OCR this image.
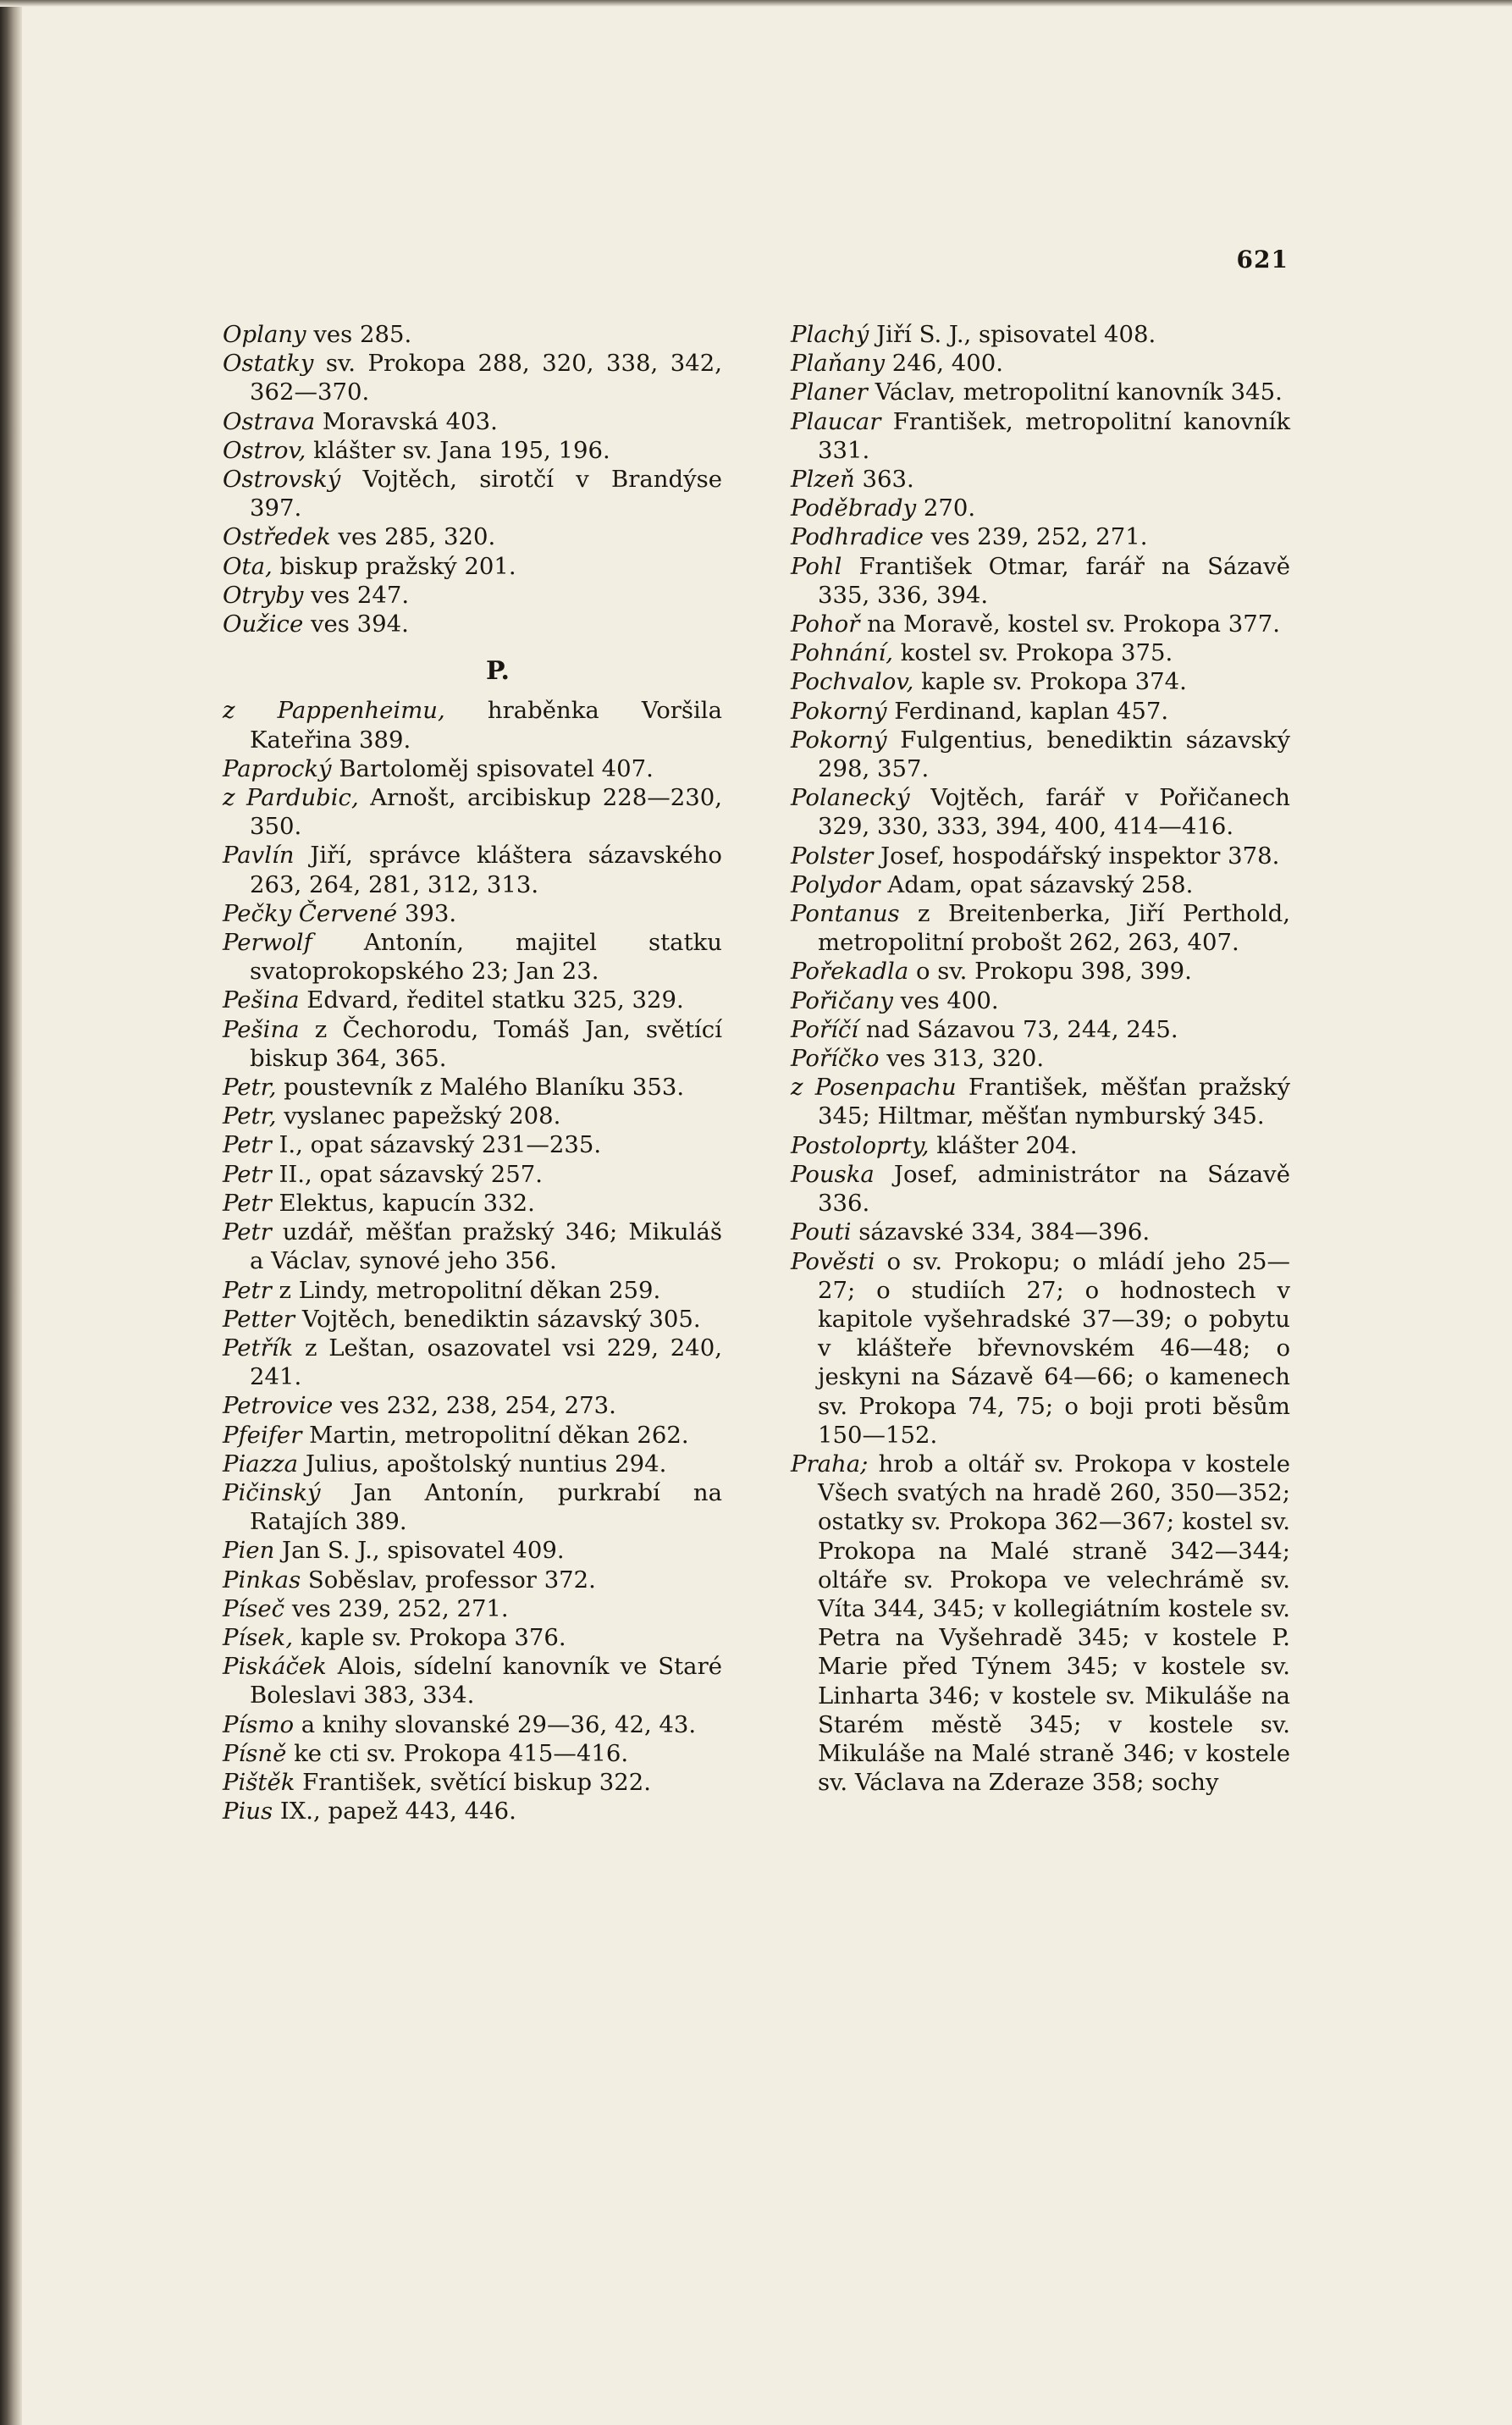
621

Oplany ves 285.

Ostatky sv. Prokopa 288, 320, 338, 342, 362—370.

Ostrava Moravská 403.

Ostrov, klášter sv. Jana 195, 196.

Ostrovský Vojtěch, sirotčí v Brandýse 397.

Ostředek ves 285, 320.

Ota, biskup pražský 201.

Otryby ves 247.

Oužice ves 394.

P.

z Pappenheimu, hraběnka Voršila Kateřina 389.

Paprocký Bartoloměj spisovatel 407.

z Pardubic, Arnošt, arcibiskup 228—230, 350.

Pavlín Jiří, správce kláštera sázavského 263, 264, 281, 312, 313.

Pečky Červené 393.

Perwolf Antonín, majitel statku svatoprokopského 23; Jan 23.

Pešina Edvard, ředitel statku 325, 329.

Pešina z Čechorodu, Tomáš Jan, světící biskup 364, 365.

Petr, poustevník z Malého Blaníku 353.

Petr, vyslanec papežský 208.

Petr I., opat sázavský 231—235.

Petr II., opat sázavský 257.

Petr Elektus, kapucín 332.

Petr uzdář, měšťan pražský 346; Mikuláš a Václav, synové jeho 356.

Petr z Lindy, metropolitní děkan 259.

Petter Vojtěch, benediktin sázavský 305.

Petřík z Leštan, osazovatel vsi 229, 240, 241.

Petrovice ves 232, 238, 254, 273.

Pfeifer Martin, metropolitní děkan 262.

Piazza Julius, apoštolský nuntius 294.

Pičinský Jan Antonín, purkrabí na Ratajích 389.

Pien Jan S. J., spisovatel 409.

Pinkas Soběslav, professor 372.

Píseč ves 239, 252, 271.

Písek, kaple sv. Prokopa 376.

Piskáček Alois, sídelní kanovník ve Staré Boleslavi 383, 334.

Písmo a knihy slovanské 29—36, 42, 43.

Písně ke cti sv. Prokopa 415—416.

Pištěk František, světící biskup 322.

Pius IX., papež 443, 446.

Plachý Jiří S. J., spisovatel 408.

Plaňany 246, 400.

Planer Václav, metropolitní kanovník 345.

Plaucar František, metropolitní kanovník 331.

Plzeň 363.

Poděbrady 270.

Podhradice ves 239, 252, 271.

Pohl František Otmar, farář na Sázavě 335, 336, 394.

Pohoř na Moravě, kostel sv. Prokopa 377.

Pohnání, kostel sv. Prokopa 375.

Pochvalov, kaple sv. Prokopa 374.

Pokorný Ferdinand, kaplan 457.

Pokorný Fulgentius, benediktin sázavský 298, 357.

Polanecký Vojtěch, farář v Pořičanech 329, 330, 333, 394, 400, 414—416.

Polster Josef, hospodářský inspektor 378.

Polydor Adam, opat sázavský 258.

Pontanus z Breitenberka, Jiří Perthold, metropolitní probošt 262, 263, 407.

Pořekadla o sv. Prokopu 398, 399.

Pořičany ves 400.

Poříčí nad Sázavou 73, 244, 245.

Poříčko ves 313, 320.

z Posenpachu František, měšťan pražský 345; Hiltmar, měšťan nymburský 345.

Postoloprty, klášter 204.

Pouska Josef, administrátor na Sázavě 336.

Pouti sázavské 334, 384—396.

Pověsti o sv. Prokopu; o mládí jeho 25—27; o studiích 27; o hodnostech v kapitole vyšehradské 37—39; o pobytu v klášteře břevnovském 46—48; o jeskyni na Sázavě 64—66; o kamenech sv. Prokopa 74, 75; o boji proti běsům 150—152.

Praha; hrob a oltář sv. Prokopa v kostele Všech svatých na hradě 260, 350—352; ostatky sv. Prokopa 362—367; kostel sv. Prokopa na Malé straně 342—344; oltáře sv. Prokopa ve velechrámě sv. Víta 344, 345; v kollegiátním kostele sv. Petra na Vyšehradě 345; v kostele P. Marie před Týnem 345; v kostele sv. Linharta 346; v kostele sv. Mikuláše na Starém městě 345; v kostele sv. Mikuláše na Malé straně 346; v kostele sv. Václava na Zderaze 358; sochy
